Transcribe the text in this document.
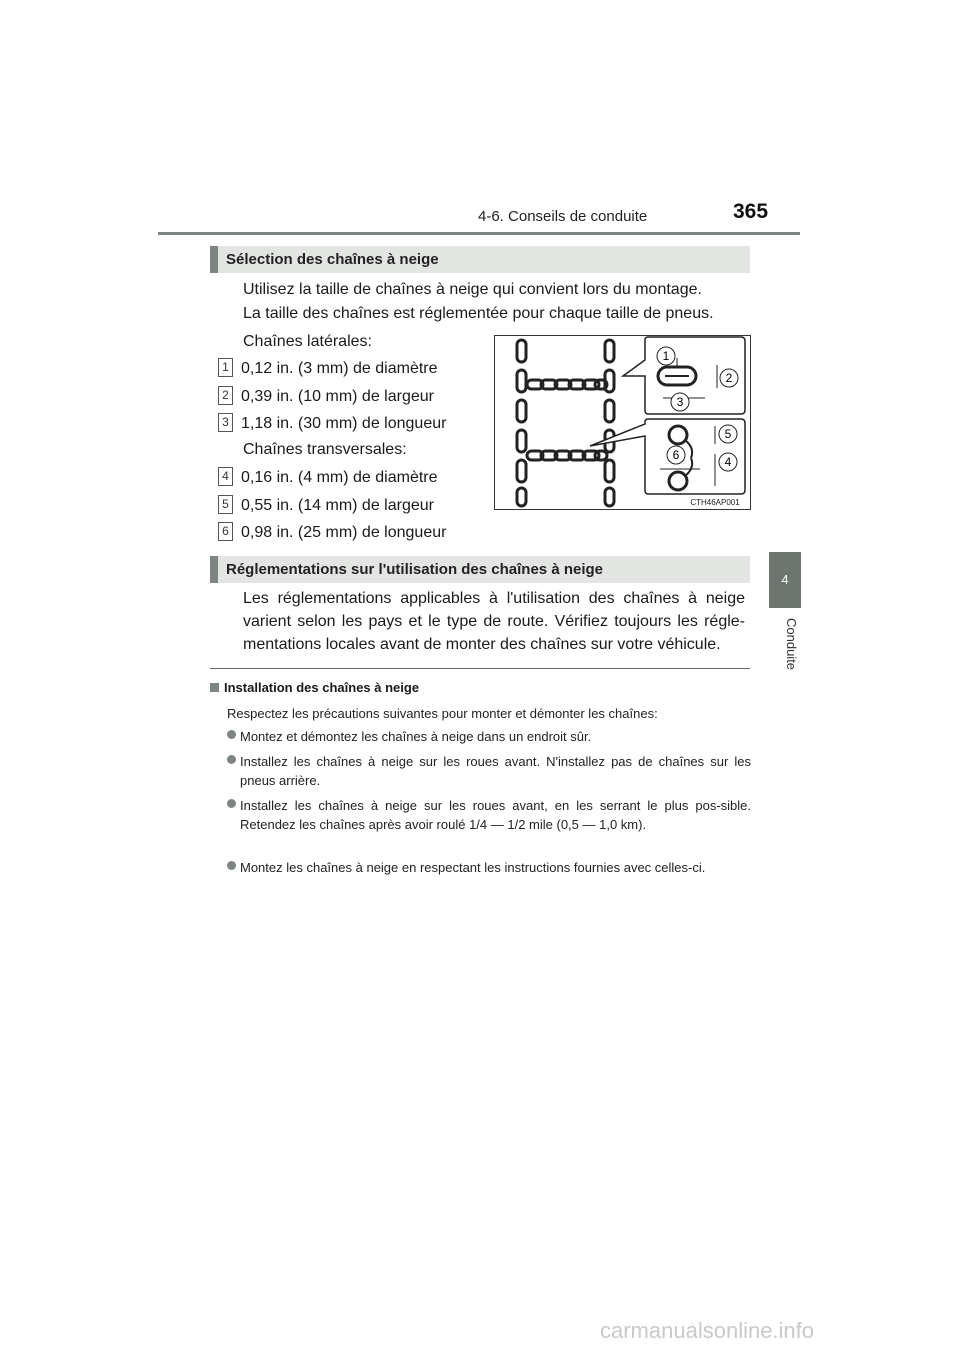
4-6. Conseils de conduite	365
4
Conduite
Sélection des chaînes à neige
Utilisez la taille de chaînes à neige qui convient lors du montage.
La taille des chaînes est réglementée pour chaque taille de pneus.
Chaînes latérales:
1 0,12 in. (3 mm) de diamètre
2 0,39 in. (10 mm) de largeur
3 1,18 in. (30 mm) de longueur
Chaînes transversales:
4 0,16 in. (4 mm) de diamètre
5 0,55 in. (14 mm) de largeur
6 0,98 in. (25 mm) de longueur
1
2
3
5
6	4
CTH46AP001
Réglementations sur l'utilisation des chaînes à neige
Les réglementations applicables à l'utilisation des chaînes à neige varient selon les pays et le type de route. Vérifiez toujours les régle-mentations locales avant de monter des chaînes sur votre véhicule.
Installation des chaînes à neige
Respectez les précautions suivantes pour monter et démonter les chaînes:
Montez et démontez les chaînes à neige dans un endroit sûr.
Installez les chaînes à neige sur les roues avant. N'installez pas de chaînes sur les pneus arrière.
Installez les chaînes à neige sur les roues avant, en les serrant le plus pos-sible. Retendez les chaînes après avoir roulé 1/4 — 1/2 mile (0,5 — 1,0 km).
Montez les chaînes à neige en respectant les instructions fournies avec celles-ci.
carmanualsonline.info
